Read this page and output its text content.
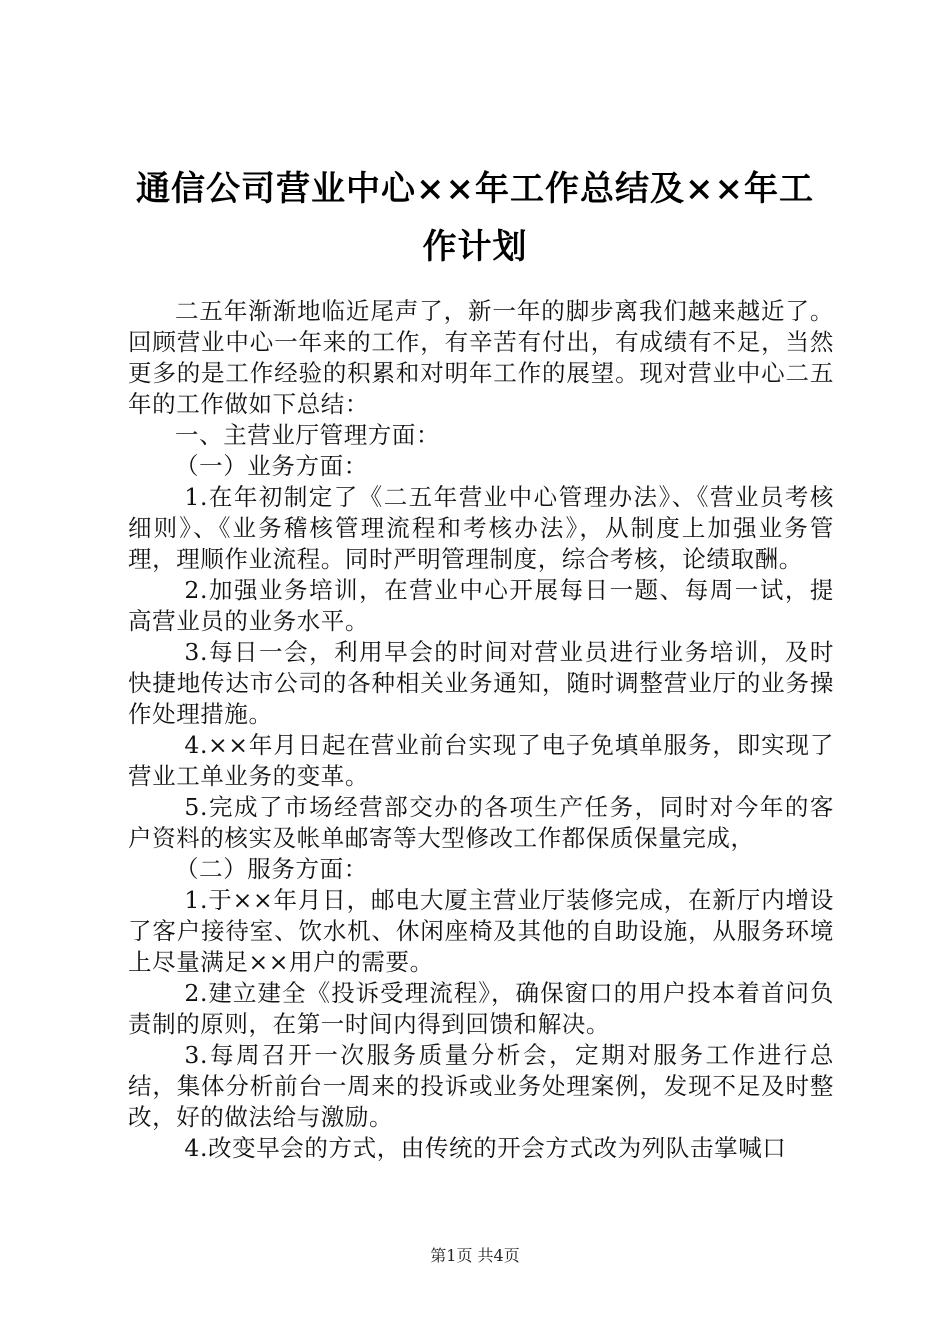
通信公司营业中心××年工作总结及××年工作计划

二五年渐渐地临近尾声了，新一年的脚步离我们越来越近了。回顾营业中心一年来的工作，有辛苦有付出，有成绩有不足，当然更多的是工作经验的积累和对明年工作的展望。现对营业中心二五年的工作做如下总结：

一、主营业厅管理方面：

（一）业务方面：

1.在年初制定了《二五年营业中心管理办法》、《营业员考核细则》、《业务稽核管理流程和考核办法》，从制度上加强业务管理，理顺作业流程。同时严明管理制度，综合考核，论绩取酬。

2.加强业务培训，在营业中心开展每日一题、每周一试，提高营业员的业务水平。

3.每日一会，利用早会的时间对营业员进行业务培训，及时快捷地传达市公司的各种相关业务通知，随时调整营业厅的业务操作处理措施。

4.××年月日起在营业前台实现了电子免填单服务，即实现了营业工单业务的变革。

5.完成了市场经营部交办的各项生产任务，同时对今年的客户资料的核实及帐单邮寄等大型修改工作都保质保量完成，

（二）服务方面：

1.于××年月日，邮电大厦主营业厅装修完成，在新厅内增设了客户接待室、饮水机、休闲座椅及其他的自助设施，从服务环境上尽量满足××用户的需要。

2.建立建全《投诉受理流程》，确保窗口的用户投本着首问负责制的原则，在第一时间内得到回馈和解决。

3.每周召开一次服务质量分析会，定期对服务工作进行总结，集体分析前台一周来的投诉或业务处理案例，发现不足及时整改，好的做法给与激励。

4.改变早会的方式，由传统的开会方式改为列队击掌喊口

第1页 共4页
